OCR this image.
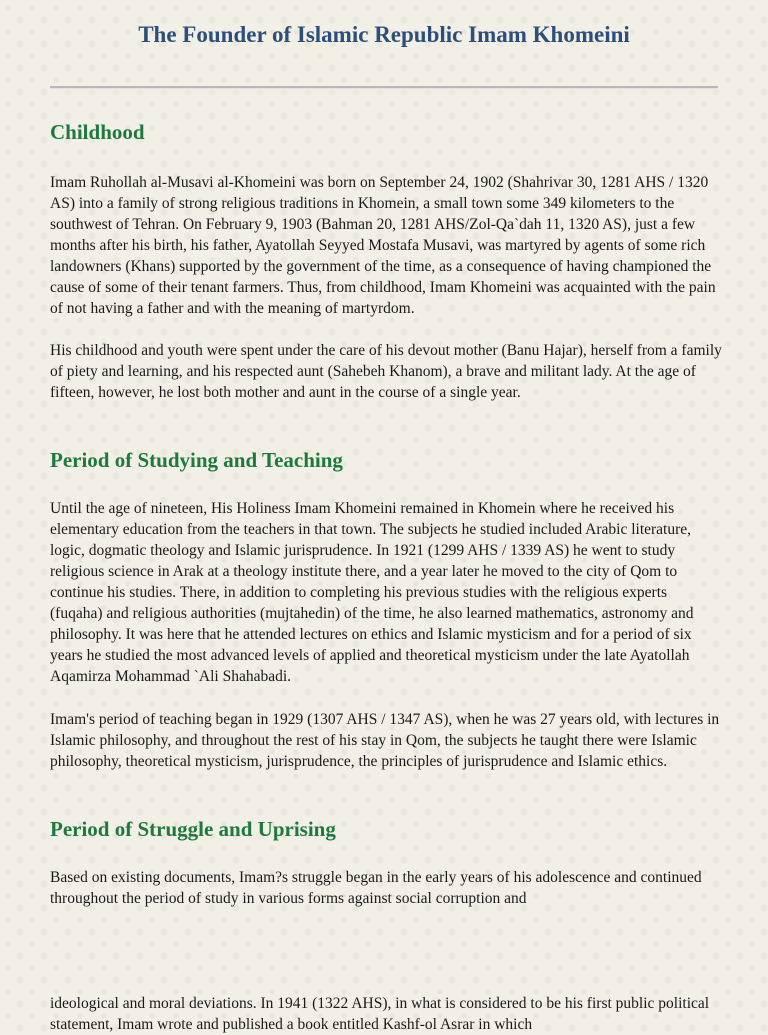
The Founder of Islamic Republic Imam Khomeini
Childhood

Imam Ruhollah al-Musavi al-Khomeini was born on September 24, 1902 (Shahrivar 30, 1281 AHS / 1320 AS) into a family of strong religious traditions in Khomein, a small town some 349 kilometers to the southwest of Tehran. On February 9, 1903 (Bahman 20, 1281 AHS/Zol-Qa`dah 11, 1320 AS), just a few months after his birth, his father, Ayatollah Seyyed Mostafa Musavi, was martyred by agents of some rich landowners (Khans) supported by the government of the time, as a consequence of having championed the cause of some of their tenant farmers. Thus, from childhood, Imam Khomeini was acquainted with the pain of not having a father and with the meaning of martyrdom.

His childhood and youth were spent under the care of his devout mother (Banu Hajar), herself from a family of piety and learning, and his respected aunt (Sahebeh Khanom), a brave and militant lady. At the age of fifteen, however, he lost both mother and aunt in the course of a single year.

Period of Studying and Teaching

Until the age of nineteen, His Holiness Imam Khomeini remained in Khomein where he received his elementary education from the teachers in that town. The subjects he studied included Arabic literature, logic, dogmatic theology and Islamic jurisprudence. In 1921 (1299 AHS / 1339 AS) he went to study religious science in Arak at a theology institute there, and a year later he moved to the city of Qom to continue his studies. There, in addition to completing his previous studies with the religious experts (fuqaha) and religious authorities (mujtahedin) of the time, he also learned mathematics, astronomy and philosophy. It was here that he attended lectures on ethics and Islamic mysticism and for a period of six years he studied the most advanced levels of applied and theoretical mysticism under the late Ayatollah Aqamirza Mohammad `Ali Shahabadi.

Imam's period of teaching began in 1929 (1307 AHS / 1347 AS), when he was 27 years old, with lectures in Islamic philosophy, and throughout the rest of his stay in Qom, the subjects he taught there were Islamic philosophy, theoretical mysticism, jurisprudence, the principles of jurisprudence and Islamic ethics.

Period of Struggle and Uprising

Based on existing documents, Imam?s struggle began in the early years of his adolescence and continued throughout the period of study in various forms against social corruption and

ideological and moral deviations. In 1941 (1322 AHS), in what is considered to be his first public political statement, Imam wrote and published a book entitled Kashf-ol Asrar in which
